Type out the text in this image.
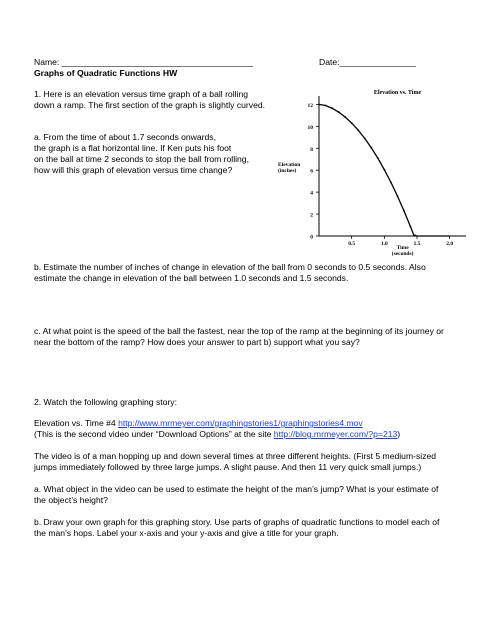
Name: ________________________________________	Date:________________
Graphs of Quadratic Functions HW
1. Here is an elevation versus time graph of a ball rolling
down a ramp. The first section of the graph is slightly curved.
a. From the time of about 1.7 seconds onwards,
the graph is a flat horizontal line. If Ken puts his foot
on the ball at time 2 seconds to stop the ball from rolling,
how will this graph of elevation versus time change?
0
2
4
6
8
10
12
0.5	1.0	1.5	2.0
Elevation vs. Time
Elevation
(inches)
Time
(seconds)
b. Estimate the number of inches of change in elevation of the ball from 0 seconds to 0.5 seconds. Also
estimate the change in elevation of the ball between 1.0 seconds and 1.5 seconds.
c. At what point is the speed of the ball the fastest, near the top of the ramp at the beginning of its journey or
near the bottom of the ramp? How does your answer to part b) support what you say?
2. Watch the following graphing story:
Elevation vs. Time #4 http://www.mrmeyer.com/graphingstories1/graphingstories4.mov
(This is the second video under “Download Options” at the site http://blog.mrmeyer.com/?p=213)
The video is of a man hopping up and down several times at three different heights. (First 5 medium-sized
jumps immediately followed by three large jumps. A slight pause. And then 11 very quick small jumps.)
a. What object in the video can be used to estimate the height of the man’s jump? What is your estimate of
the object’s height?
b. Draw your own graph for this graphing story. Use parts of graphs of quadratic functions to model each of
the man’s hops. Label your x-axis and your y-axis and give a title for your graph.
